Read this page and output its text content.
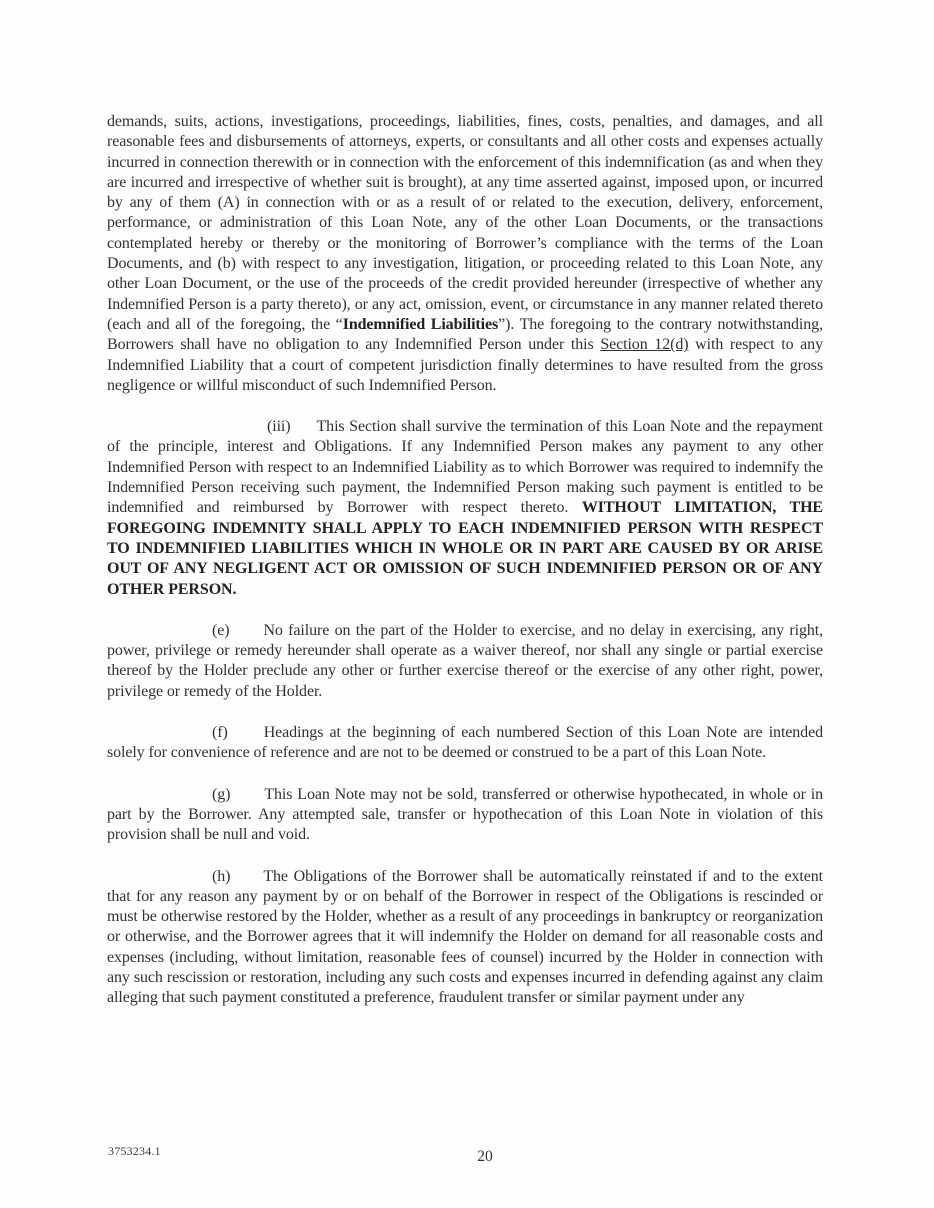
demands, suits, actions, investigations, proceedings, liabilities, fines, costs, penalties, and damages, and all reasonable fees and disbursements of attorneys, experts, or consultants and all other costs and expenses actually incurred in connection therewith or in connection with the enforcement of this indemnification (as and when they are incurred and irrespective of whether suit is brought), at any time asserted against, imposed upon, or incurred by any of them (A) in connection with or as a result of or related to the execution, delivery, enforcement, performance, or administration of this Loan Note, any of the other Loan Documents, or the transactions contemplated hereby or thereby or the monitoring of Borrower’s compliance with the terms of the Loan Documents, and (b) with respect to any investigation, litigation, or proceeding related to this Loan Note, any other Loan Document, or the use of the proceeds of the credit provided hereunder (irrespective of whether any Indemnified Person is a party thereto), or any act, omission, event, or circumstance in any manner related thereto (each and all of the foregoing, the “Indemnified Liabilities”). The foregoing to the contrary notwithstanding, Borrowers shall have no obligation to any Indemnified Person under this Section 12(d) with respect to any Indemnified Liability that a court of competent jurisdiction finally determines to have resulted from the gross negligence or willful misconduct of such Indemnified Person.

(iii) This Section shall survive the termination of this Loan Note and the repayment of the principle, interest and Obligations. If any Indemnified Person makes any payment to any other Indemnified Person with respect to an Indemnified Liability as to which Borrower was required to indemnify the Indemnified Person receiving such payment, the Indemnified Person making such payment is entitled to be indemnified and reimbursed by Borrower with respect thereto. WITHOUT LIMITATION, THE FOREGOING INDEMNITY SHALL APPLY TO EACH INDEMNIFIED PERSON WITH RESPECT TO INDEMNIFIED LIABILITIES WHICH IN WHOLE OR IN PART ARE CAUSED BY OR ARISE OUT OF ANY NEGLIGENT ACT OR OMISSION OF SUCH INDEMNIFIED PERSON OR OF ANY OTHER PERSON.

(e) No failure on the part of the Holder to exercise, and no delay in exercising, any right, power, privilege or remedy hereunder shall operate as a waiver thereof, nor shall any single or partial exercise thereof by the Holder preclude any other or further exercise thereof or the exercise of any other right, power, privilege or remedy of the Holder.

(f) Headings at the beginning of each numbered Section of this Loan Note are intended solely for convenience of reference and are not to be deemed or construed to be a part of this Loan Note.

(g) This Loan Note may not be sold, transferred or otherwise hypothecated, in whole or in part by the Borrower. Any attempted sale, transfer or hypothecation of this Loan Note in violation of this provision shall be null and void.

(h) The Obligations of the Borrower shall be automatically reinstated if and to the extent that for any reason any payment by or on behalf of the Borrower in respect of the Obligations is rescinded or must be otherwise restored by the Holder, whether as a result of any proceedings in bankruptcy or reorganization or otherwise, and the Borrower agrees that it will indemnify the Holder on demand for all reasonable costs and expenses (including, without limitation, reasonable fees of counsel) incurred by the Holder in connection with any such rescission or restoration, including any such costs and expenses incurred in defending against any claim alleging that such payment constituted a preference, fraudulent transfer or similar payment under any

3753234.1	20
